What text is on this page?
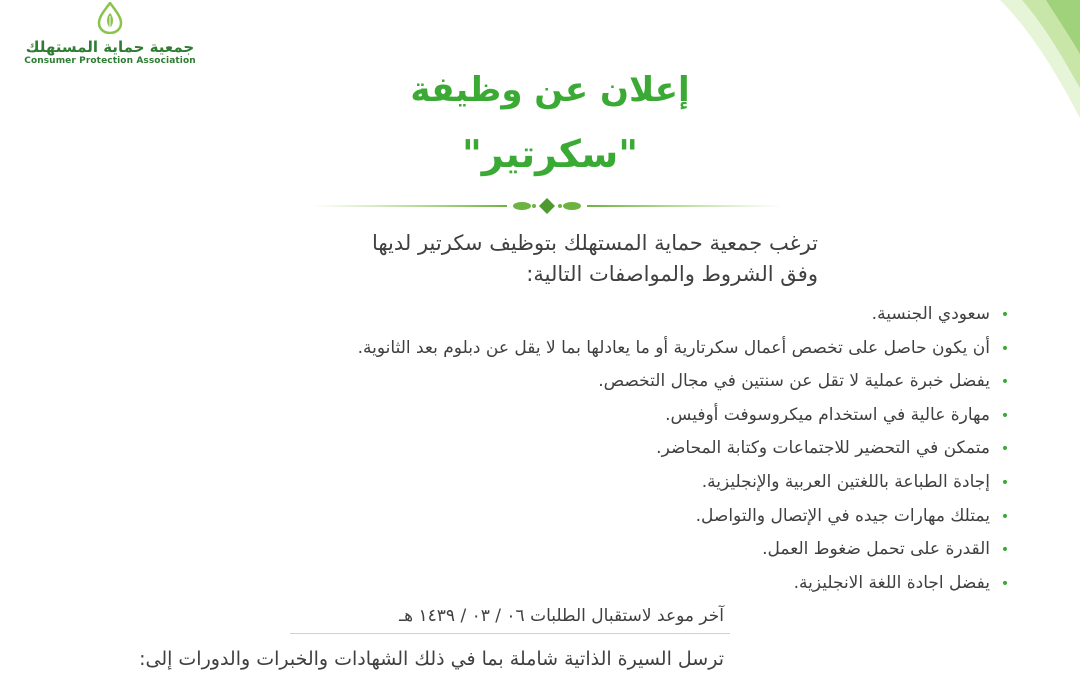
جمعية حماية المستهلك
Consumer Protection Association
إعلان عن وظيفة
"سكرتير"
ترغب جمعية حماية المستهلك بتوظيف سكرتير لديها
وفق الشروط والمواصفات التالية:
•سعودي الجنسية.
•أن يكون حاصل على تخصص أعمال سكرتارية أو ما يعادلها بما لا يقل عن دبلوم بعد الثانوية.
•يفضل خبرة عملية لا تقل عن سنتين في مجال التخصص.
•مهارة عالية في استخدام ميكروسوفت أوفيس.
•متمكن في التحضير للاجتماعات وكتابة المحاضر.
•إجادة الطباعة باللغتين العربية والإنجليزية.
•يمتلك مهارات جيده في الإتصال والتواصل.
•القدرة على تحمل ضغوط العمل.
•يفضل اجادة اللغة الانجليزية.
آخر موعد لاستقبال الطلبات ٠٦ / ٠٣ / ١٤٣٩ هـ
ترسل السيرة الذاتية شاملة بما في ذلك الشهادات والخبرات والدورات إلى:
